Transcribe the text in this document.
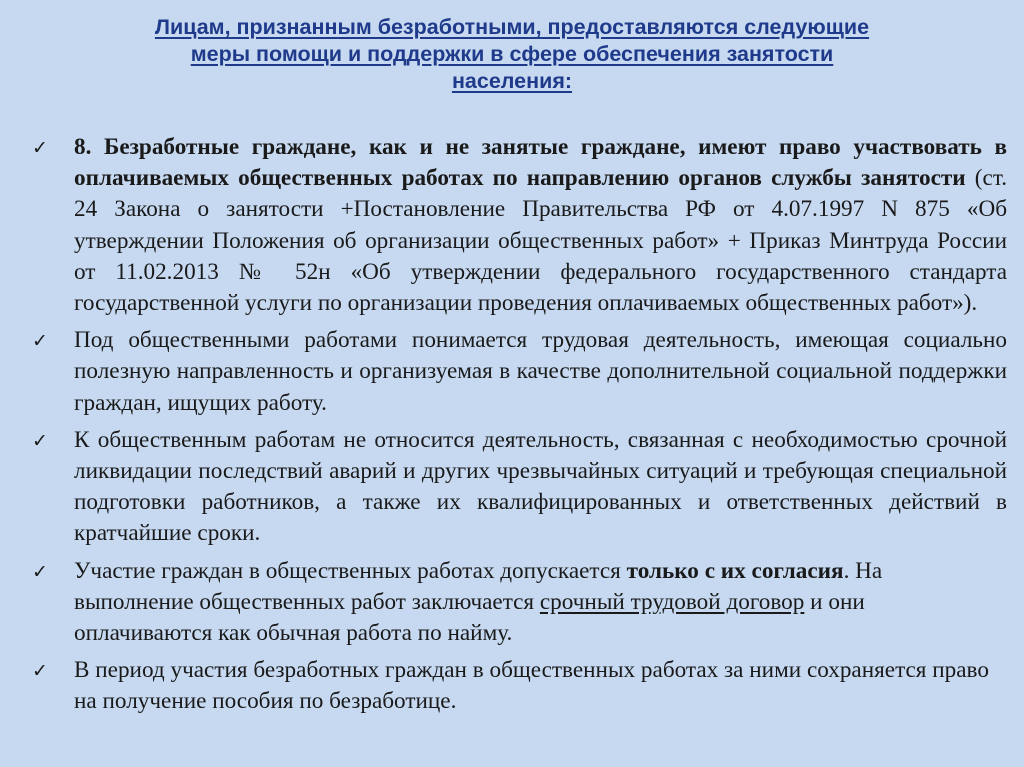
Лицам, признанным безработными, предоставляются следующие
меры помощи и поддержки в сфере обеспечения занятости
населения:
✓ 8. Безработные граждане, как и не занятые граждане, имеют право участвовать в оплачиваемых общественных работах по направлению органов службы занятости (ст. 24 Закона о занятости +Постановление Правительства РФ от 4.07.1997 N 875 «Об утверждении Положения об организации общественных работ» + Приказ Минтруда России от 11.02.2013 № 52н «Об утверждении федерального государственного стандарта государственной услуги по организации проведения оплачиваемых общественных работ»).
✓ Под общественными работами понимается трудовая деятельность, имеющая социально полезную направленность и организуемая в качестве дополнительной социальной поддержки граждан, ищущих работу.
✓ К общественным работам не относится деятельность, связанная с необходимостью срочной ликвидации последствий аварий и других чрезвычайных ситуаций и требующая специальной подготовки работников, а также их квалифицированных и ответственных действий в кратчайшие сроки.
✓ Участие граждан в общественных работах допускается только с их согласия. На выполнение общественных работ заключается срочный трудовой договор и они оплачиваются как обычная работа по найму.
✓ В период участия безработных граждан в общественных работах за ними сохраняется право на получение пособия по безработице.
